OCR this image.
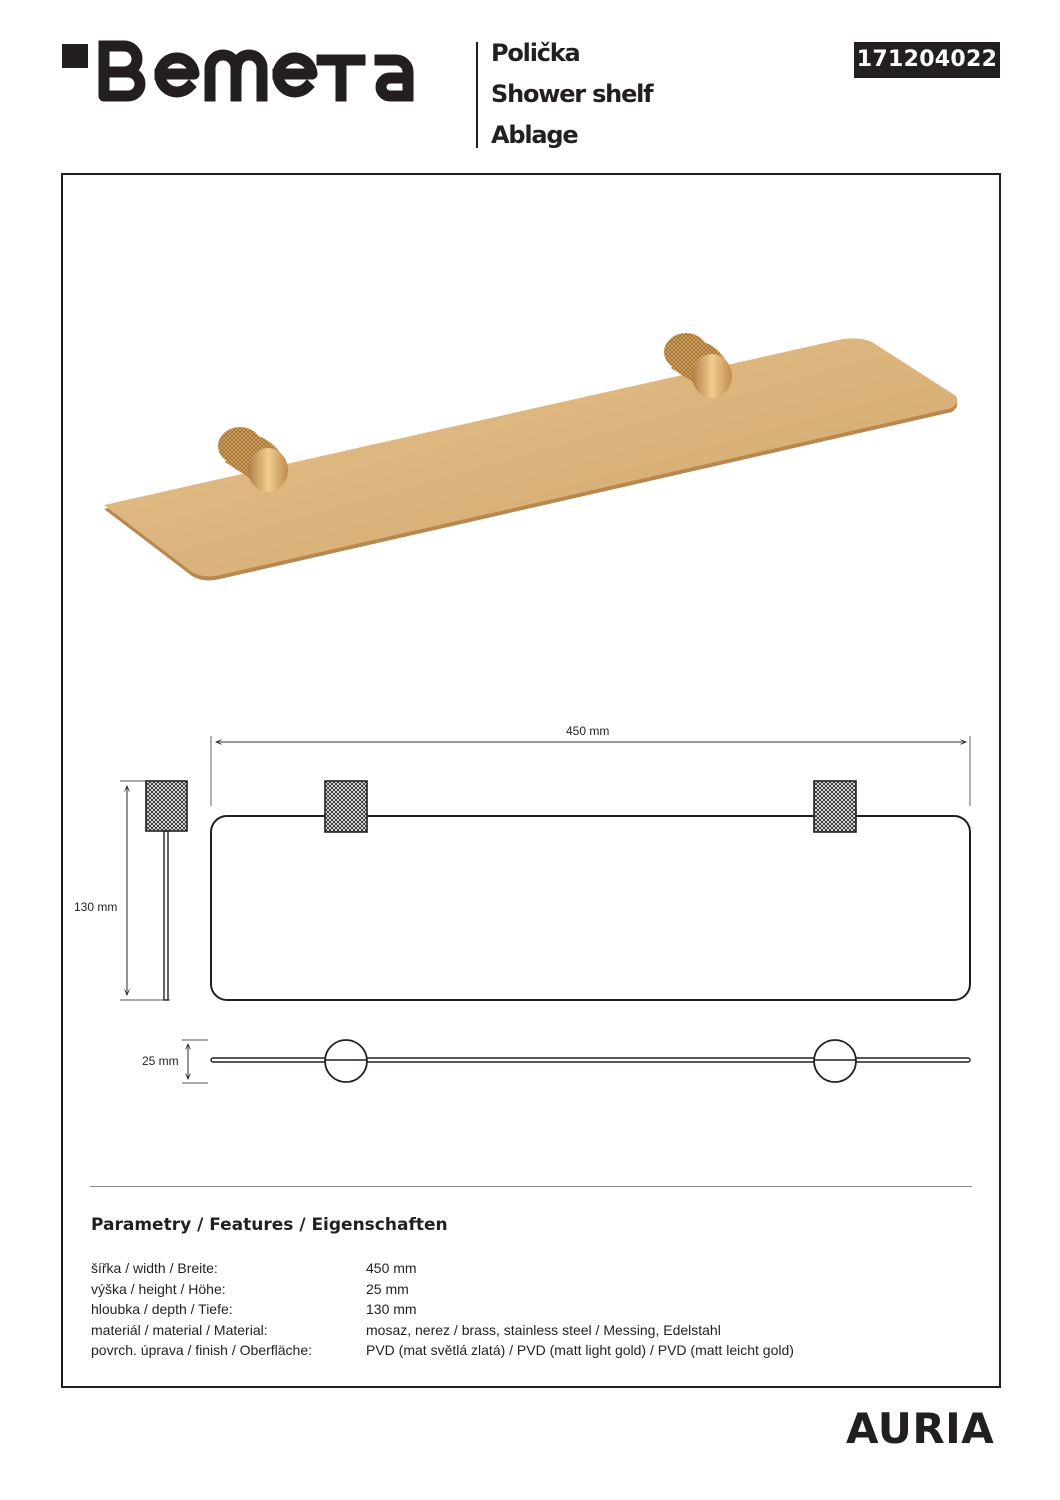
Polička
Shower shelf
Ablage
171204022
450 mm
130 mm
25 mm
Parametry / Features / Eigenschaften
šířka / width / Breite:	450 mm
výška / height / Höhe:	25 mm
hloubka / depth / Tiefe:	130 mm
materiál / material / Material:	mosaz, nerez / brass, stainless steel / Messing, Edelstahl
povrch. úprava / finish / Oberfläche:	PVD (mat světlá zlatá) / PVD (matt light gold) / PVD (matt leicht gold)
AURIA
